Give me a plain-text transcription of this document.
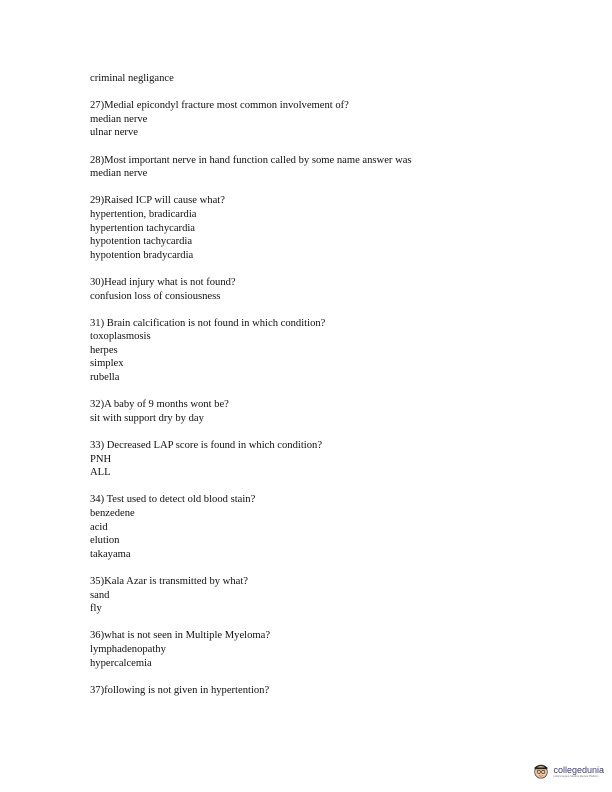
criminal negligance
27)Medial epicondyl fracture most common involvement of?
median nerve
ulnar nerve
28)Most important nerve in hand function called by some name answer was
median nerve
29)Raised ICP will cause what?
hypertention, bradicardia
hypertention tachycardia
hypotention tachycardia
hypotention bradycardia
30)Head injury what is not found?
confusion loss of consiousness
31) Brain calcification is not found in which condition?
toxoplasmosis
herpes
simplex
rubella
32)A baby of 9 months wont be?
sit with support dry by day
33) Decreased LAP score is found in which condition?
PNH
ALL
34) Test used to detect old blood stain?
benzedene
acid
elution
takayama
35)Kala Azar is transmitted by what?
sand
fly
36)what is not seen in Multiple Myeloma?
lymphadenopathy
hypercalcemia
37)following is not given in hypertention?
collegedunia
India's largest Student Review Platform
